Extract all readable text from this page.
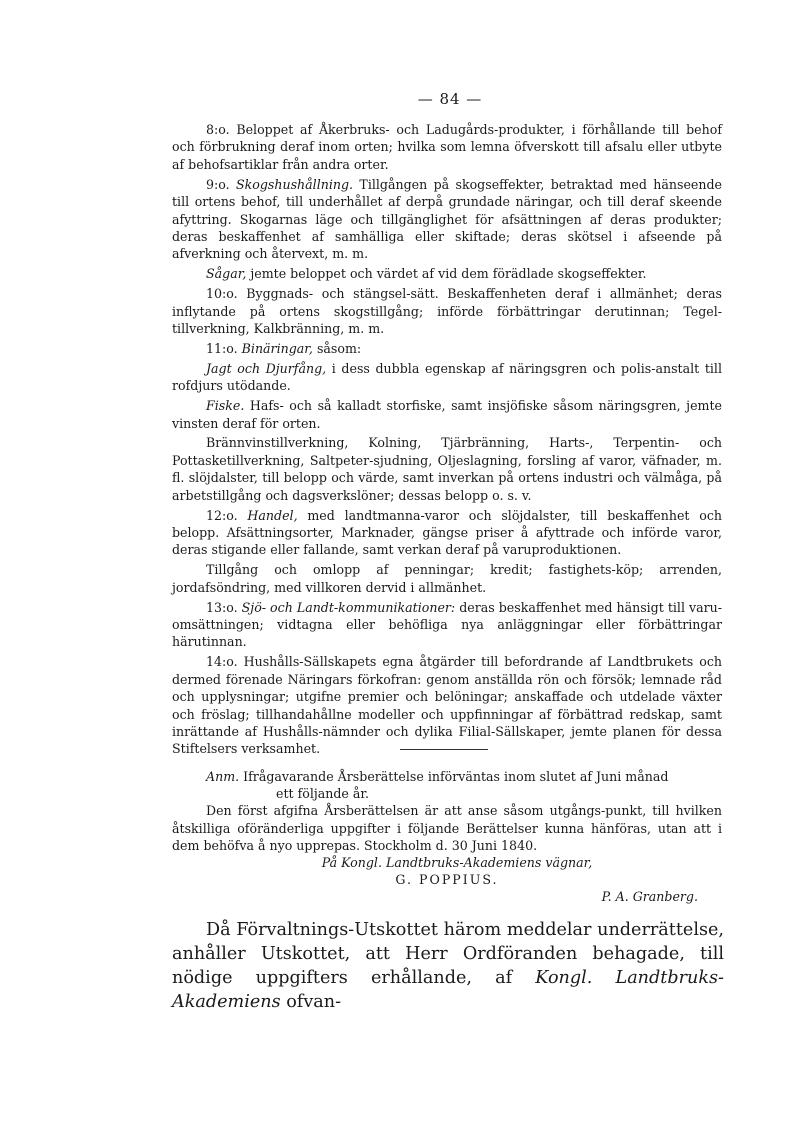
— 84 —

8:o. Beloppet af Åkerbruks- och Ladugårds-produkter, i förhållande till behof och förbrukning deraf inom orten; hvilka som lemna öfverskott till afsalu eller utbyte af behofsartiklar från andra orter.

9:o. Skogshushållning. Tillgången på skogseffekter, betraktad med hänseende till ortens behof, till underhållet af derpå grundade näringar, och till deraf skeende afyttring. Skogarnas läge och tillgänglighet för afsättningen af deras produkter; deras beskaffenhet af samhälliga eller skiftade; deras skötsel i afseende på afverkning och återvext, m. m.

Sågar, jemte beloppet och värdet af vid dem förädlade skogseffekter.

10:o. Byggnads- och stängsel-sätt. Beskaffenheten deraf i allmänhet; deras inflytande på ortens skogstillgång; införde förbättringar derutinnan; Tegel-tillverkning, Kalkbränning, m. m.

11:o. Binäringar, såsom:

Jagt och Djurfång, i dess dubbla egenskap af näringsgren och polis-anstalt till rofdjurs utödande.

Fiske. Hafs- och så kalladt storfiske, samt insjöfiske såsom näringsgren, jemte vinsten deraf för orten.

Brännvinstillverkning, Kolning, Tjärbränning, Harts-, Terpentin- och Pottasketillverkning, Saltpeter-sjudning, Oljeslagning, forsling af varor, väfnader, m. fl. slöjdalster, till belopp och värde, samt inverkan på ortens industri och välmåga, på arbetstillgång och dagsverkslöner; dessas belopp o. s. v.

12:o. Handel, med landtmanna-varor och slöjdalster, till beskaffenhet och belopp. Afsättningsorter, Marknader, gängse priser å afyttrade och införde varor, deras stigande eller fallande, samt verkan deraf på varuproduktionen.

Tillgång och omlopp af penningar; kredit; fastighets-köp; arrenden, jordafsöndring, med villkoren dervid i allmänhet.

13:o. Sjö- och Landt-kommunikationer: deras beskaffenhet med hänsigt till varu-omsättningen; vidtagna eller behöfliga nya anläggningar eller förbättringar härutinnan.

14:o. Hushålls-Sällskapets egna åtgärder till befordrande af Landtbrukets och dermed förenade Näringars förkofran: genom anställda rön och försök; lemnade råd och upplysningar; utgifne premier och belöningar; anskaffade och utdelade växter och fröslag; tillhandahållne modeller och uppfinningar af förbättrad redskap, samt inrättande af Hushålls-nämnder och dylika Filial-Sällskaper, jemte planen för dessa Stiftelsers verksamhet.

Anm. Ifrågavarande Årsberättelse införväntas inom slutet af Juni månad

ett följande år.

Den först afgifna Årsberättelsen är att anse såsom utgångs-punkt, till hvilken åtskilliga oföränderliga uppgifter i följande Berättelser kunna hänföras, utan att i dem behöfva å nyo upprepas. Stockholm d. 30 Juni 1840.

På Kongl. Landtbruks-Akademiens vägnar,

G. POPPIUS.

P. A. Granberg.

Då Förvaltnings-Utskottet härom meddelar underrättelse, anhåller Utskottet, att Herr Ordföranden behagade, till nödige uppgifters erhållande, af Kongl. Landtbruks-Akademiens ofvan-
